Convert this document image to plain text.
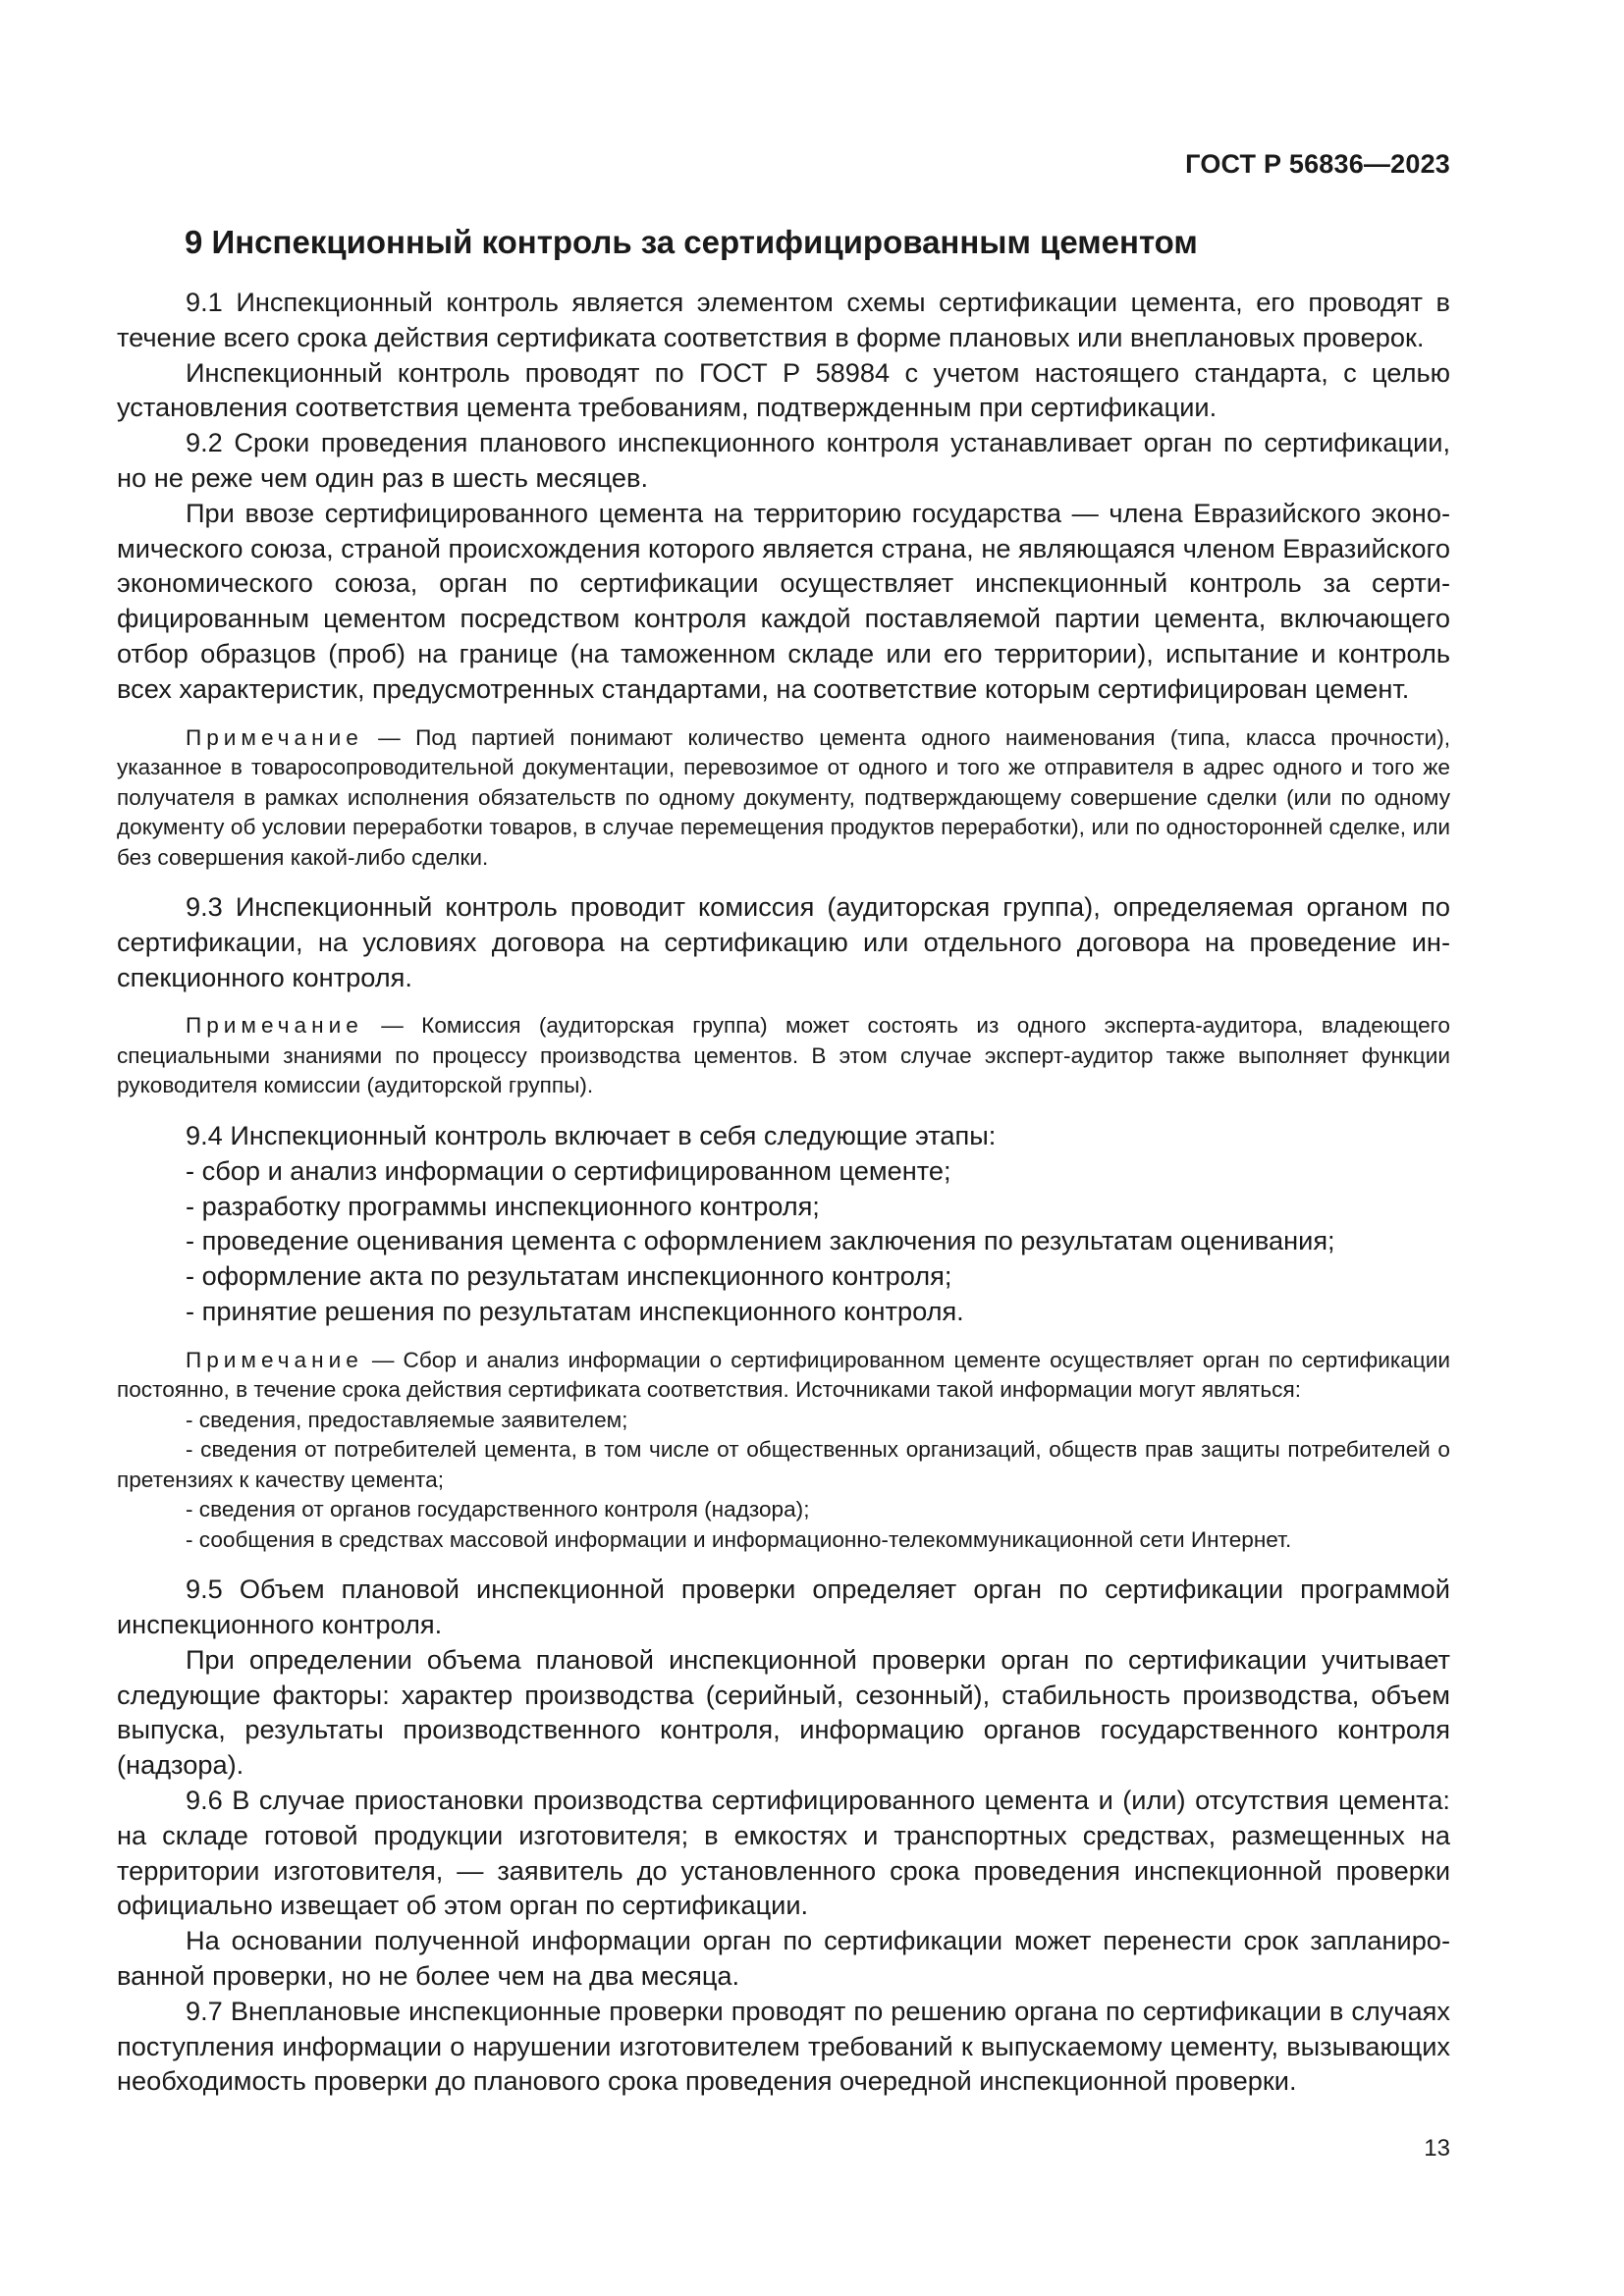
ГОСТ Р 56836—2023
9 Инспекционный контроль за сертифицированным цементом

9.1 Инспекционный контроль является элементом схемы сертификации цемента, его проводят в течение всего срока действия сертификата соответствия в форме плановых или внеплановых проверок.

Инспекционный контроль проводят по ГОСТ Р 58984 с учетом настоящего стандарта, с целью установления соответствия цемента требованиям, подтвержденным при сертификации.

9.2 Сроки проведения планового инспекционного контроля устанавливает орган по сертификации, но не реже чем один раз в шесть месяцев.

При ввозе сертифицированного цемента на территорию государства — члена Евразийского экономического союза, страной происхождения которого является страна, не являющаяся членом Евразийского экономического союза, орган по сертификации осуществляет инспекционный контроль за сертифицированным цементом посредством контроля каждой поставляемой партии цемента, включающего отбор образцов (проб) на границе (на таможенном складе или его территории), испытание и контроль всех характеристик, предусмотренных стандартами, на соответствие которым сертифицирован цемент.

Примечание — Под партией понимают количество цемента одного наименования (типа, класса прочности), указанное в товаросопроводительной документации, перевозимое от одного и того же отправителя в адрес одного и того же получателя в рамках исполнения обязательств по одному документу, подтверждающему совершение сделки (или по одному документу об условии переработки товаров, в случае перемещения продуктов переработки), или по односторонней сделке, или без совершения какой-либо сделки.

9.3 Инспекционный контроль проводит комиссия (аудиторская группа), определяемая органом по сертификации, на условиях договора на сертификацию или отдельного договора на проведение инспекционного контроля.

Примечание — Комиссия (аудиторская группа) может состоять из одного эксперта-аудитора, владеющего специальными знаниями по процессу производства цементов. В этом случае эксперт-аудитор также выполняет функции руководителя комиссии (аудиторской группы).

9.4 Инспекционный контроль включает в себя следующие этапы:

- сбор и анализ информации о сертифицированном цементе;
- разработку программы инспекционного контроля;
- проведение оценивания цемента с оформлением заключения по результатам оценивания;
- оформление акта по результатам инспекционного контроля;
- принятие решения по результатам инспекционного контроля.

Примечание — Сбор и анализ информации о сертифицированном цементе осуществляет орган по сертификации постоянно, в течение срока действия сертификата соответствия. Источниками такой информации могут являться:

- сведения, предоставляемые заявителем;
- сведения от потребителей цемента, в том числе от общественных организаций, обществ прав защиты потребителей о претензиях к качеству цемента;
- сведения от органов государственного контроля (надзора);
- сообщения в средствах массовой информации и информационно-телекоммуникационной сети Интернет.

9.5 Объем плановой инспекционной проверки определяет орган по сертификации программой инспекционного контроля.

При определении объема плановой инспекционной проверки орган по сертификации учитывает следующие факторы: характер производства (серийный, сезонный), стабильность производства, объем выпуска, результаты производственного контроля, информацию органов государственного контроля (надзора).

9.6 В случае приостановки производства сертифицированного цемента и (или) отсутствия цемента: на складе готовой продукции изготовителя; в емкостях и транспортных средствах, размещенных на территории изготовителя, — заявитель до установленного срока проведения инспекционной проверки официально извещает об этом орган по сертификации.

На основании полученной информации орган по сертификации может перенести срок запланированной проверки, но не более чем на два месяца.

9.7 Внеплановые инспекционные проверки проводят по решению органа по сертификации в случаях поступления информации о нарушении изготовителем требований к выпускаемому цементу, вызывающих необходимость проверки до планового срока проведения очередной инспекционной проверки.

13
